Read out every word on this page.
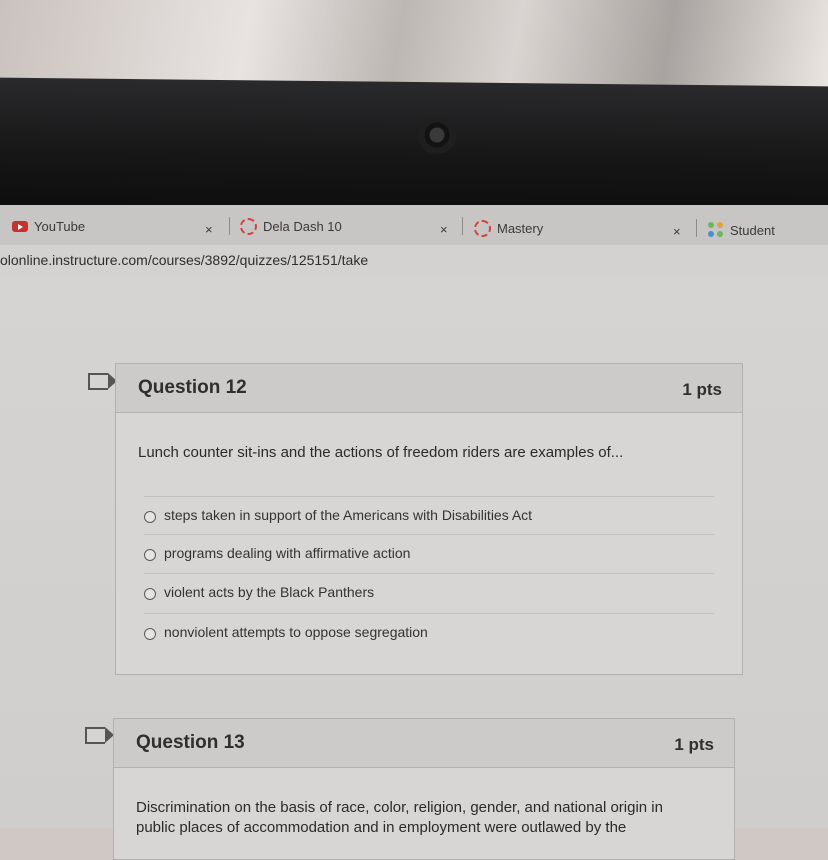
YouTube	×	Dela Dash 10	×	Mastery	×	Student
olonline.instructure.com/courses/3892/quizzes/125151/take
Question 12	1 pts
Lunch counter sit-ins and the actions of freedom riders are examples of...
steps taken in support of the Americans with Disabilities Act
programs dealing with affirmative action
violent acts by the Black Panthers
nonviolent attempts to oppose segregation
Question 13	1 pts
Discrimination on the basis of race, color, religion, gender, and national origin in
public places of accommodation and in employment were outlawed by the
